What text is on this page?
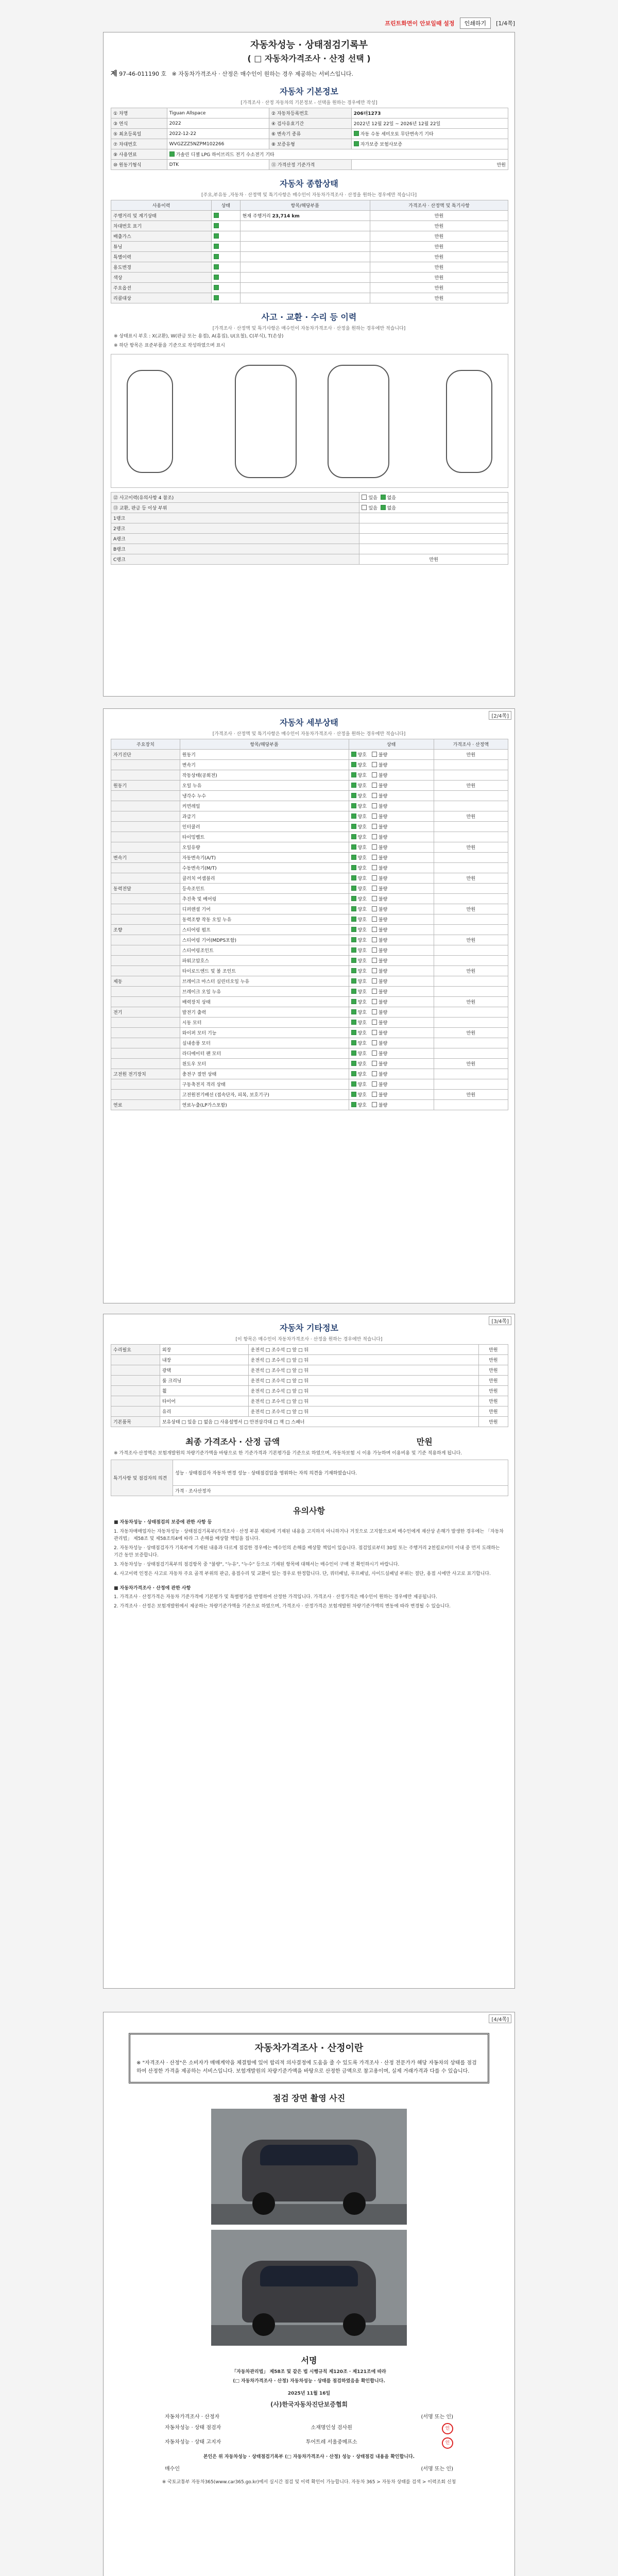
프린트화면이 안보일때 설정	인쇄하기	[1/4쪽]
자동차성능 · 상태점검기록부
( □ 자동차가격조사 · 산정 선택 )
제 97-46-011190 호 ※ 자동차가격조사 · 산정은 매수인이 원하는 경우 제공하는 서비스입니다.
자동차 기본정보
[가격조사 · 산정 자동차의 기본정보 - 선택을 원하는 경우에만 작성]
① 차명	Tiguan Allspace	② 자동차등록번호	206더1273
③ 연식	2022	④ 검사유효기간	2022년 12월 22일 ~ 2026년 12월 22일
⑤ 최초등록일	2022-12-22	⑥ 변속기 종류	자동 수동 세미오토 무단변속기 기타
⑦ 차대번호	WVGZZZ5NZPM102266	⑧ 보증유형	자가보증 보험사보증
⑨ 사용연료	가솔린 디젤 LPG 하이브리드 전기 수소전기 기타		
⑩ 원동기형식	DTK	⑪ 가격산정 기준가격	만원
자동차 종합상태
[주요,부유동 ,자동차 · 산정액 및 특기사항은 매수인이 자동차가격조사 · 산정을 원하는 경우에만 적습니다]
사용이력	상태	항목/해당부품	가격조사 · 산정액 및 특기사항
주행거리 및 계기상태		현재 주행거리 23,714 km	만원
차대번호 표기			만원
배출가스			만원
튜닝			만원
특별이력			만원
용도변경			만원
색상			만원
주요옵션			만원
리콜대상			만원
사고 · 교환 · 수리 등 이력
[가격조사 · 산정액 및 특기사항은 매수인이 자동차가격조사 · 산정을 원하는 경우에만 적습니다]
※ 상태표시 부호 : X(교환), W(판금 또는 용접), A(흠집), U(요철), C(부식), T(손상)
※ 하단 항목은 표준부품을 기준으로 작성하였으며 표시
⑫ 사고이력(유의사항 4 참조)	있음 없음
⑬ 교환, 판금 등 이상 부위	있음 없음
1랭크	
2랭크	
A랭크	
B랭크	
C랭크	만원
[2/4쪽]
자동차 세부상태
[가격조사 · 산정액 및 특기사항은 매수인이 자동차가격조사 · 산정을 원하는 경우에만 적습니다]
주요장치	항목/해당부품	상태	가격조사 · 산정액
자기진단	원동기	양호 불량	만원
	변속기	양호 불량	
	작동상태(공회전)	양호 불량	
원동기	오일 누유	양호 불량	만원
	냉각수 누수	양호 불량	
	커먼레일	양호 불량	
	과급기	양호 불량	만원
	인터쿨러	양호 불량	
	타이밍벨트	양호 불량	
	오일유량	양호 불량	만원
변속기	자동변속기(A/T)	양호 불량	
	수동변속기(M/T)	양호 불량	
	클러치 어셈블리	양호 불량	만원
동력전달	등속조인트	양호 불량	
	추진축 및 베어링	양호 불량	
	디퍼렌셜 기어	양호 불량	만원
	동력조향 작동 오일 누유	양호 불량	
조향	스티어링 펌프	양호 불량	
	스티어링 기어(MDPS포함)	양호 불량	만원
	스티어링조인트	양호 불량	
	파워고압호스	양호 불량	
	타이로드엔드 및 볼 조인트	양호 불량	만원
제동	브레이크 마스터 실린더오일 누유	양호 불량	
	브레이크 오일 누유	양호 불량	
	배력장치 상태	양호 불량	만원
전기	발전기 출력	양호 불량	
	시동 모터	양호 불량	
	와이퍼 모터 기능	양호 불량	만원
	실내송풍 모터	양호 불량	
	라디에이터 팬 모터	양호 불량	
	윈도우 모터	양호 불량	만원
고전원 전기장치	충전구 절연 상태	양호 불량	
	구동축전지 격리 상태	양호 불량	
	고전원전기배선 (접속단자, 피복, 보호기구)	양호 불량	만원
연료	연료누출(LP가스포함)	양호 불량	
[3/4쪽]
자동차 기타정보
[이 항목은 매수인이 자동차가격조사 · 산정을 원하는 경우에만 적습니다]
수리필요	외장	운전석 □ 조수석 □ 앞 □ 뒤	만원
	내장	운전석 □ 조수석 □ 앞 □ 뒤	만원
	광택	운전석 □ 조수석 □ 앞 □ 뒤	만원
	룸 크리닝	운전석 □ 조수석 □ 앞 □ 뒤	만원
	휠	운전석 □ 조수석 □ 앞 □ 뒤	만원
	타이어	운전석 □ 조수석 □ 앞 □ 뒤	만원
	유리	운전석 □ 조수석 □ 앞 □ 뒤	만원
기본품목	보유상태 □ 있음 □ 없음 □ 사용설명서 □ 안전삼각대 □ 잭 □ 스패너		만원
최종 가격조사 · 산정 금액	만원
※ 가격조사·산정액은 보험개발원의 차량기준가액을 바탕으로 한 기준가격과 기본평가를 기준으로 하였으며, 자동차보험 시 이용 가능하며 이용비용 및 기준 적용하게 됩니다.
특기사항 및 점검자의 의견	성능 · 상태점검자 자동차 변경 성능 · 상태점검업을 영위하는 자의 의견을 기재하였습니다.
가격 · 조사산정자
유의사항
■ 자동차성능 · 상태점검의 보증에 관한 사항 등
1. 자동차매매업자는 자동차성능 · 상태점검기록부(가격조사 · 산정 부분 제외)에 기재된 내용을 고지하지 아니하거나 거짓으로 고지함으로써 매수인에게 재산상 손해가 발생한 경우에는 「자동차관리법」 제58조 및 제58조의4에 따라 그 손해를 배상할 책임을 집니다.
2. 자동차성능 · 상태점검자가 기록부에 기재된 내용과 다르게 점검한 경우에는 매수인의 손해를 배상할 책임이 있습니다. 점검일로부터 30일 또는 주행거리 2천킬로미터 이내 중 먼저 도래하는 기간 동안 보증합니다.
3. 자동차성능 · 상태점검기록부의 점검항목 중 "불량", "누유", "누수" 등으로 기재된 항목에 대해서는 매수인이 구매 전 확인하시기 바랍니다.
4. 사고이력 인정은 사고로 자동차 주요 골격 부위의 판금, 용접수리 및 교환이 있는 경우로 한정합니다. 단, 쿼터패널, 루프패널, 사이드실패널 부위는 절단, 용접 시에만 사고로 표기합니다.
■ 자동차가격조사 · 산정에 관한 사항
1. 가격조사 · 산정가격은 자동차 기준가격에 기본평가 및 특별평가를 반영하여 산정한 가격입니다. 가격조사 · 산정가격은 매수인이 원하는 경우에만 제공됩니다.
2. 가격조사 · 산정은 보험개발원에서 제공하는 차량기준가액을 기준으로 하였으며, 가격조사 · 산정가격은 보험개발원 차량기준가액의 변동에 따라 변경될 수 있습니다.
[4/4쪽]
자동차가격조사 · 산정이란
※ "자격조사 · 산정"은 소비자가 매매계약을 체결함에 있어 합리적 의사결정에 도움을 줄 수 있도록 가격조사 · 산정 전문가가 해당 자동차의 상태를 점검하여 산정한 가격을 제공하는 서비스입니다. 보험개발원의 차량기준가액을 바탕으로 산정한 금액으로 참고용이며, 실제 거래가격과 다를 수 있습니다.
점검 장면 촬영 사진
서명
「자동차관리법」 제58조 및 같은 법 시행규칙 제120조 · 제121조에 따라
(□ 자동차가격조사 · 산정) 자동차성능 · 상태를 점검하였음을 확인합니다.
2025년 11월 16일
(사)한국자동차진단보증협회
자동차가격조사 · 산정자	(서명 또는 인)
자동차성능 · 상태 점검자	소재명인성 검사원	인
자동차성능 · 상태 고지자	투어트레 서울중메프소	인
본인은 위 자동차성능 · 상태점검기록부 (□ 자동차가격조사 · 산정) 성능 · 상태점검 내용을 확인합니다.
매수인	(서명 또는 인)
※ 국토교통부 자동차365(www.car365.go.kr)에서 실시간 점검 및 이력 확인이 가능합니다. 자동차 365 > 자동차 상태를 검색 > 이력조회 신청
